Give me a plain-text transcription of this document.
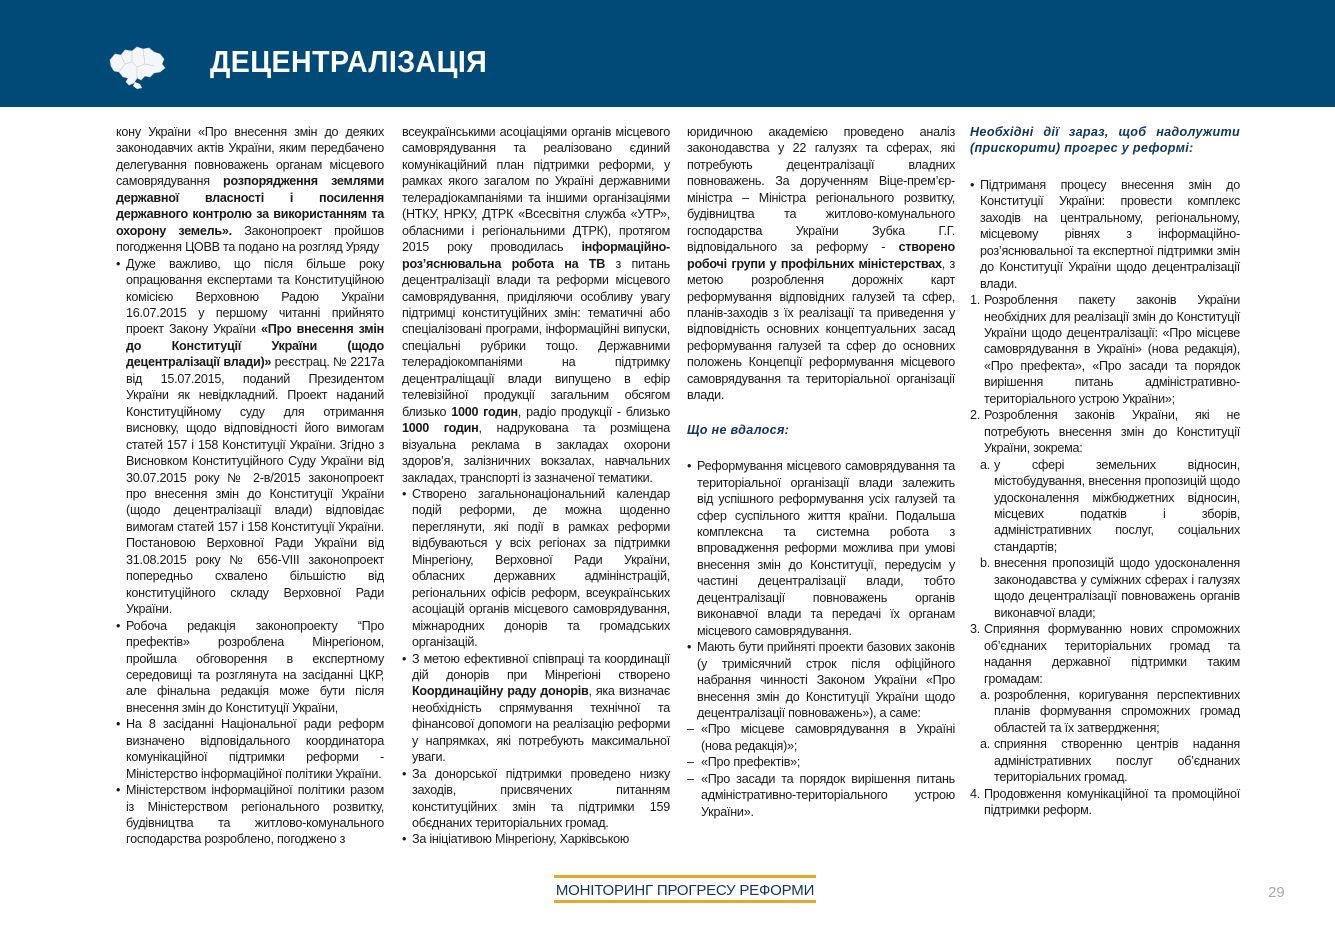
ДЕЦЕНТРАЛІЗАЦІЯ

кону України «Про внесення змін до деяких законодавчих актів України, яким передбачено делегування повноважень органам місцевого самоврядування розпорядження землями державної власності і посилення державного контролю за використанням та охорону земель». Законопроект пройшов погодження ЦОВВ та подано на розгляд Уряду

• Дуже важливо, що після більше року опрацювання експертами та Конституційною комісією Верховною Радою України 16.07.2015 у першому читанні прийнято проект Закону України «Про внесення змін до Конституції України (щодо децентралізації влади)» реєстрац. № 2217а від 15.07.2015, поданий Президентом України як невідкладний. Проект наданий Конституційному суду для отримання висновку, щодо відповідності його вимогам статей 157 і 158 Конституції України. Згідно з Висновком Конституційного Суду України від 30.07.2015 року № 2-в/2015 законопроект про внесення змін до Конституції України (щодо децентралізації влади) відповідає вимогам статей 157 і 158 Конституції України. Постановою Верховної Ради України від 31.08.2015 року № 656-VIII законопроект попередньо схвалено більшістю від конституційного складу Верховної Ради України.

• Робоча редакція законопроекту “Про префектів» розроблена Мінрегіоном, пройшла обговорення в експертному середовищі та розглянута на засіданні ЦКР, але фінальна редакція може бути після внесення змін до Конституції України,

• На 8 засіданні Національної ради реформ визначено відповідального координатора комунікаційної підтримки реформи - Міністерство інформаційної політики України.

• Міністерством інформаційної політики разом із Міністерством регіонального розвитку, будівництва та житлово-комунального господарства розроблено, погоджено з

всеукраїнськими асоціаціями органів місцевого самоврядування та реалізовано єдиний комунікаційний план підтримки реформи, у рамках якого загалом по Україні державними телерадіокампаніями та іншими організаціями (НТКУ, НРКУ, ДТРК «Всесвітня служба «УТР», обласними і регіональними ДТРК), протягом 2015 року проводилась інформаційно-роз’яснювальна робота на ТВ з питань децентралізації влади та реформи місцевого самоврядування, приділяючи особливу увагу підтримці конституційних змін: тематичні або спеціалізовані програми, інформаційні випуски, спеціальні рубрики тощо. Державними телерадіокомпаніями на підтримку децентраліщації влади випущено в ефір телевізійної продукції загальним обсягом близько 1000 годин, радіо продукції - близько 1000 годин, надрукована та розміщена візуальна реклама в закладах охорони здоров’я, залізничних вокзалах, навчальних закладах, транспорті із зазначеної тематики.

• Створено загальнонаціональний календар подій реформи, де можна щоденно переглянути, які події в рамках реформи відбуваються у всіх регіонах за підтримки Мінрегіону, Верховної Ради України, обласних державних адмінінстрацій, регіональних офісів реформ, всеукраїнських асоціацій органів місцевого самоврядування, міжнародних донорів та громадських організацій.

• З метою ефективної співпраці та координації дій донорів при Мінрегіоні створено Координаційну раду донорів, яка визначає необхідність спрямування технічної та фінансової допомоги на реалізацію реформи у напрямках, які потребують максимальної уваги.

• За донорської підтримки проведено низку заходів, присвячених питанням конституційних змін та підтримки 159 обєднаних територіальних громад.

• За ініціативою Мінрегіону, Харківською

юридичною академією проведено аналіз законодавства у 22 галузях та сферах, які потребують децентралізації владних повноважень. За дорученням Віце-прем’єр-міністра – Міністра регіонального розвитку, будівництва та житлово-комунального господарства України Зубка Г.Г. відповідального за реформу - створено робочі групи у профільних міністерствах, з метою розроблення дорожніх карт реформування відповідних галузей та сфер, планів-заходів з їх реалізації та приведення у відповідність основних концептуальних засад реформування галузей та сфер до основних положень Концепції реформування місцевого самоврядування та територіальної організації влади.

Що не вдалося:

• Реформування місцевого самоврядування та територіальної організації влади залежить від успішного реформування усіх галузей та сфер суспільного життя країни. Подальша комплексна та системна робота з впровадження реформи можлива при умові внесення змін до Конституції, передусім у частині децентралізації влади, тобто децентралізації повноважень органів виконавчої влади та передачі їх органам місцевого самоврядування.

• Мають бути прийняті проекти базових законів (у тримісячний строк після офіційного набрання чинності Законом України «Про внесення змін до Конституції України щодо децентралізації повноважень»), а саме:

– «Про місцеве самоврядування в Україні (нова редакція)»;

– «Про префектів»;

– «Про засади та порядок вирішення питань адміністративно-територіального устрою України».

Необхідні дії зараз, щоб надолужити (прискорити) прогрес у реформі:

• Підтриманя процесу внесення змін до Конституції України: провести комплекс заходів на центральному, регіональному, місцевому рівнях з інформаційно-роз’яснювальної та експертної підтримки змін до Конституції України щодо децентралізації влади.

1. Розроблення пакету законів України необхідних для реалізації змін до Конституції України щодо децентралізації: «Про місцеве самоврядування в Україні» (нова редакція), «Про префекта», «Про засади та порядок вирішення питань адміністративно-територіального устрою України»;

2. Розроблення законів України, які не потребують внесення змін до Конституції України, зокрема:

a. у сфері земельних відносин, містобудування, внесення пропозицій щодо удосконалення міжбюджетних відносин, місцевих податків і зборів, адміністративних послуг, соціальних стандартів;

b. внесення пропозицій щодо удосконалення законодавства у суміжних сферах і галузях щодо децентралізації повноважень органів виконавчої влади;

3. Сприяння формуванню нових спроможних об’єднаних територіальних громад та надання державної підтримки таким громадам:

a. розроблення, коригування перспективних планів формування спроможних громад областей та їх затвердження;

a. сприяння створенню центрів надання адміністративних послуг об’єднаних територіальних громад.

4. Продовження комунікаційної та промоційної підтримки реформ.

МОНІТОРИНГ ПРОГРЕСУ РЕФОРМИ	29
